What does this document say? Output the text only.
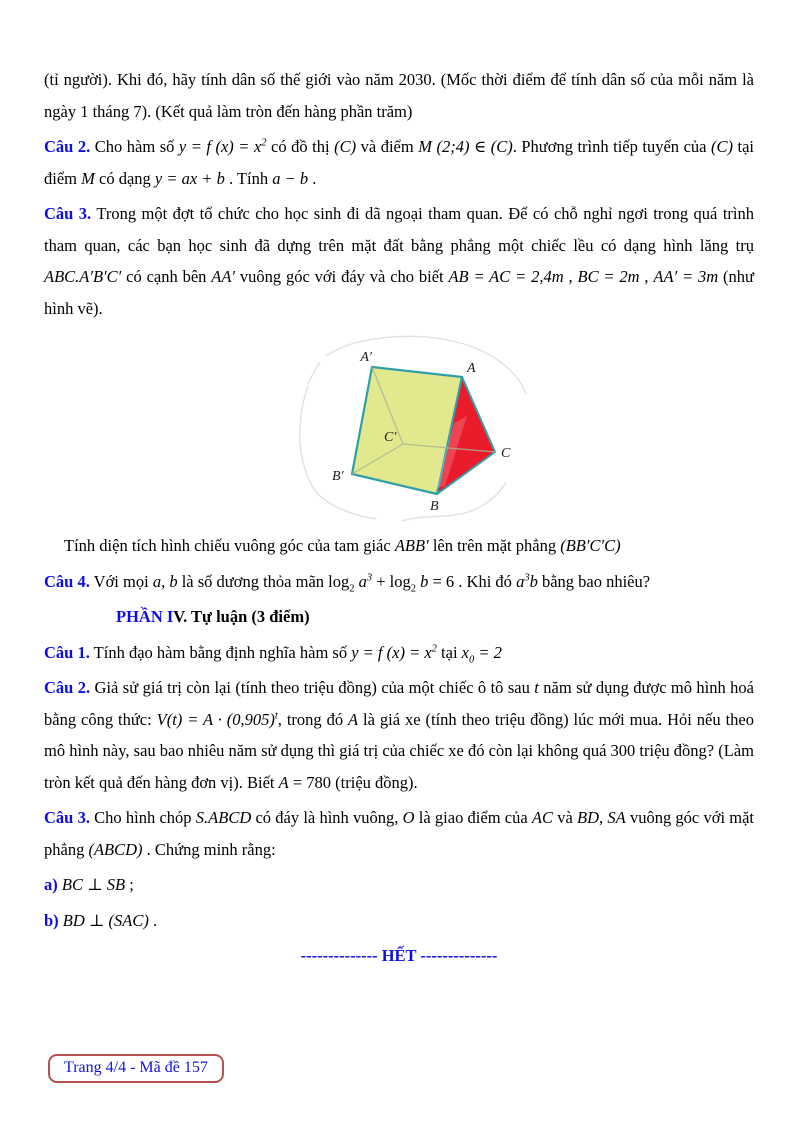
(tỉ người). Khi đó, hãy tính dân số thế giới vào năm 2030. (Mốc thời điểm để tính dân số của mỗi năm là ngày 1 tháng 7). (Kết quả làm tròn đến hàng phần trăm)

Câu 2. Cho hàm số y = f $(x) = x^2$ có đồ thị (C) và điểm M (2;4) ∈ (C). Phương trình tiếp tuyến của (C) tại điểm M có dạng y = ax + b . Tính a − b .

Câu 3. Trong một đợt tổ chức cho học sinh đi dã ngoại tham quan. Để có chỗ nghỉ ngơi trong quá trình tham quan, các bạn học sinh đã dựng trên mặt đất bằng phẳng một chiếc lều có dạng hình lăng trụ ABC.A′B′C′ có cạnh bên AA′ vuông góc với đáy và cho biết AB = AC = 2,4m , BC = 2m , AA′ = 3m (như hình vẽ).

A′
A
B′
B
C′
C

Tính diện tích hình chiếu vuông góc của tam giác ABB′ lên trên mặt phẳng (BB′C′C)

Câu 4. Với mọi a, b là số dương thỏa mãn $\log_2 a^3 + \log_2 b = 6$ . Khi đó $a^3b$ bằng bao nhiêu?

PHẦN IV. Tự luận (3 điểm)

Câu 1. Tính đạo hàm bằng định nghĩa hàm số y = f $(x) = x^2$ tại $x_0 = 2$

Câu 2. Giả sử giá trị còn lại (tính theo triệu đồng) của một chiếc ô tô sau t năm sử dụng được mô hình hoá bằng công thức: $V(t) = A \cdot (0,905)^t$, trong đó A là giá xe (tính theo triệu đồng) lúc mới mua. Hỏi nếu theo mô hình này, sau bao nhiêu năm sử dụng thì giá trị của chiếc xe đó còn lại không quá 300 triệu đồng? (Làm tròn kết quả đến hàng đơn vị). Biết A = 780 (triệu đồng).

Câu 3. Cho hình chóp S.ABCD có đáy là hình vuông, O là giao điểm của AC và BD, SA vuông góc với mặt phẳng (ABCD) . Chứng minh rằng:

a) BC ⊥ SB ;

b) BD ⊥ (SAC) .

-------------- HẾT --------------

Trang 4/4 - Mã đề 157
